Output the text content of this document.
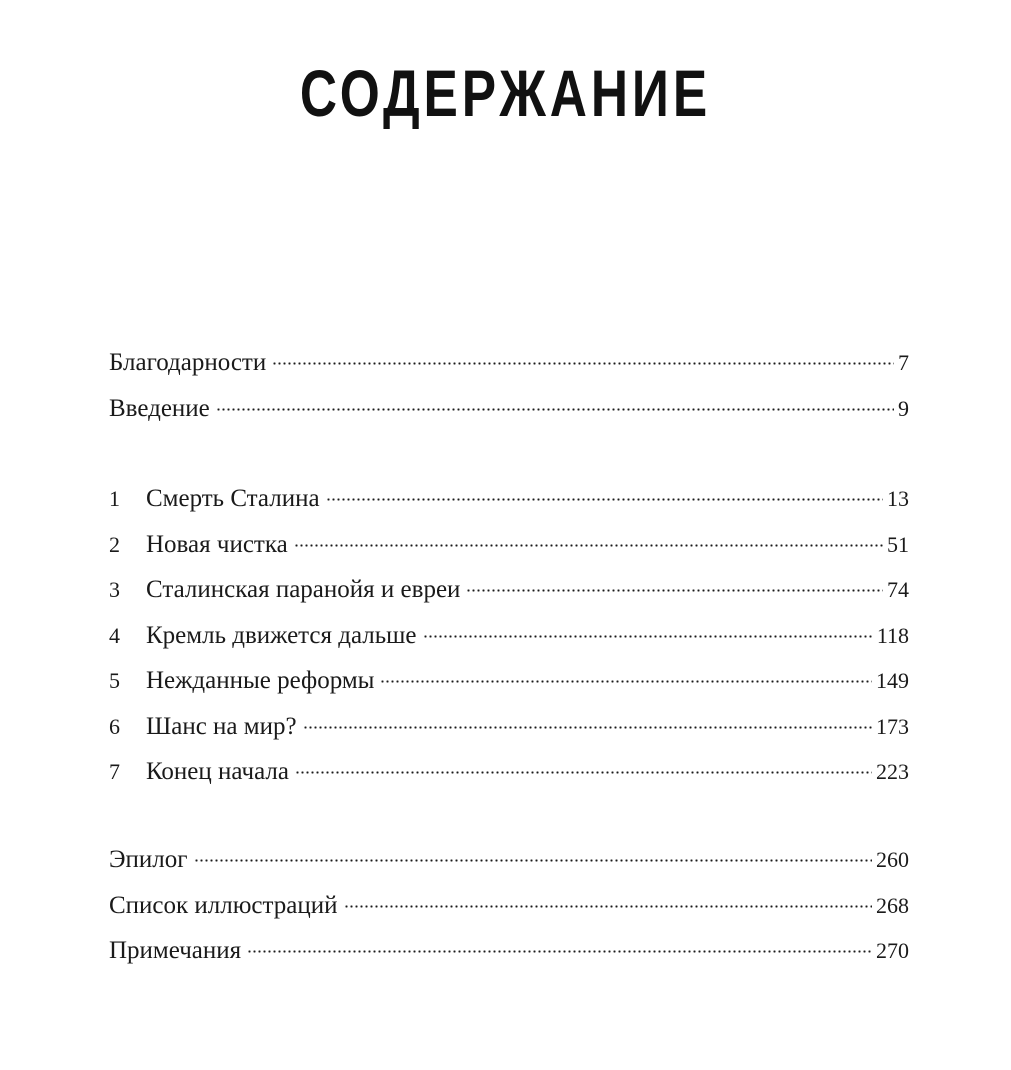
СОДЕРЖАНИЕ
Благодарности	7
Введение	9
1	Смерть Сталина	13
2	Новая чистка	51
3	Сталинская паранойя и евреи	74
4	Кремль движется дальше	118
5	Нежданные реформы	149
6	Шанс на мир?	173
7	Конец начала	223
Эпилог	260
Список иллюстраций	268
Примечания	270
